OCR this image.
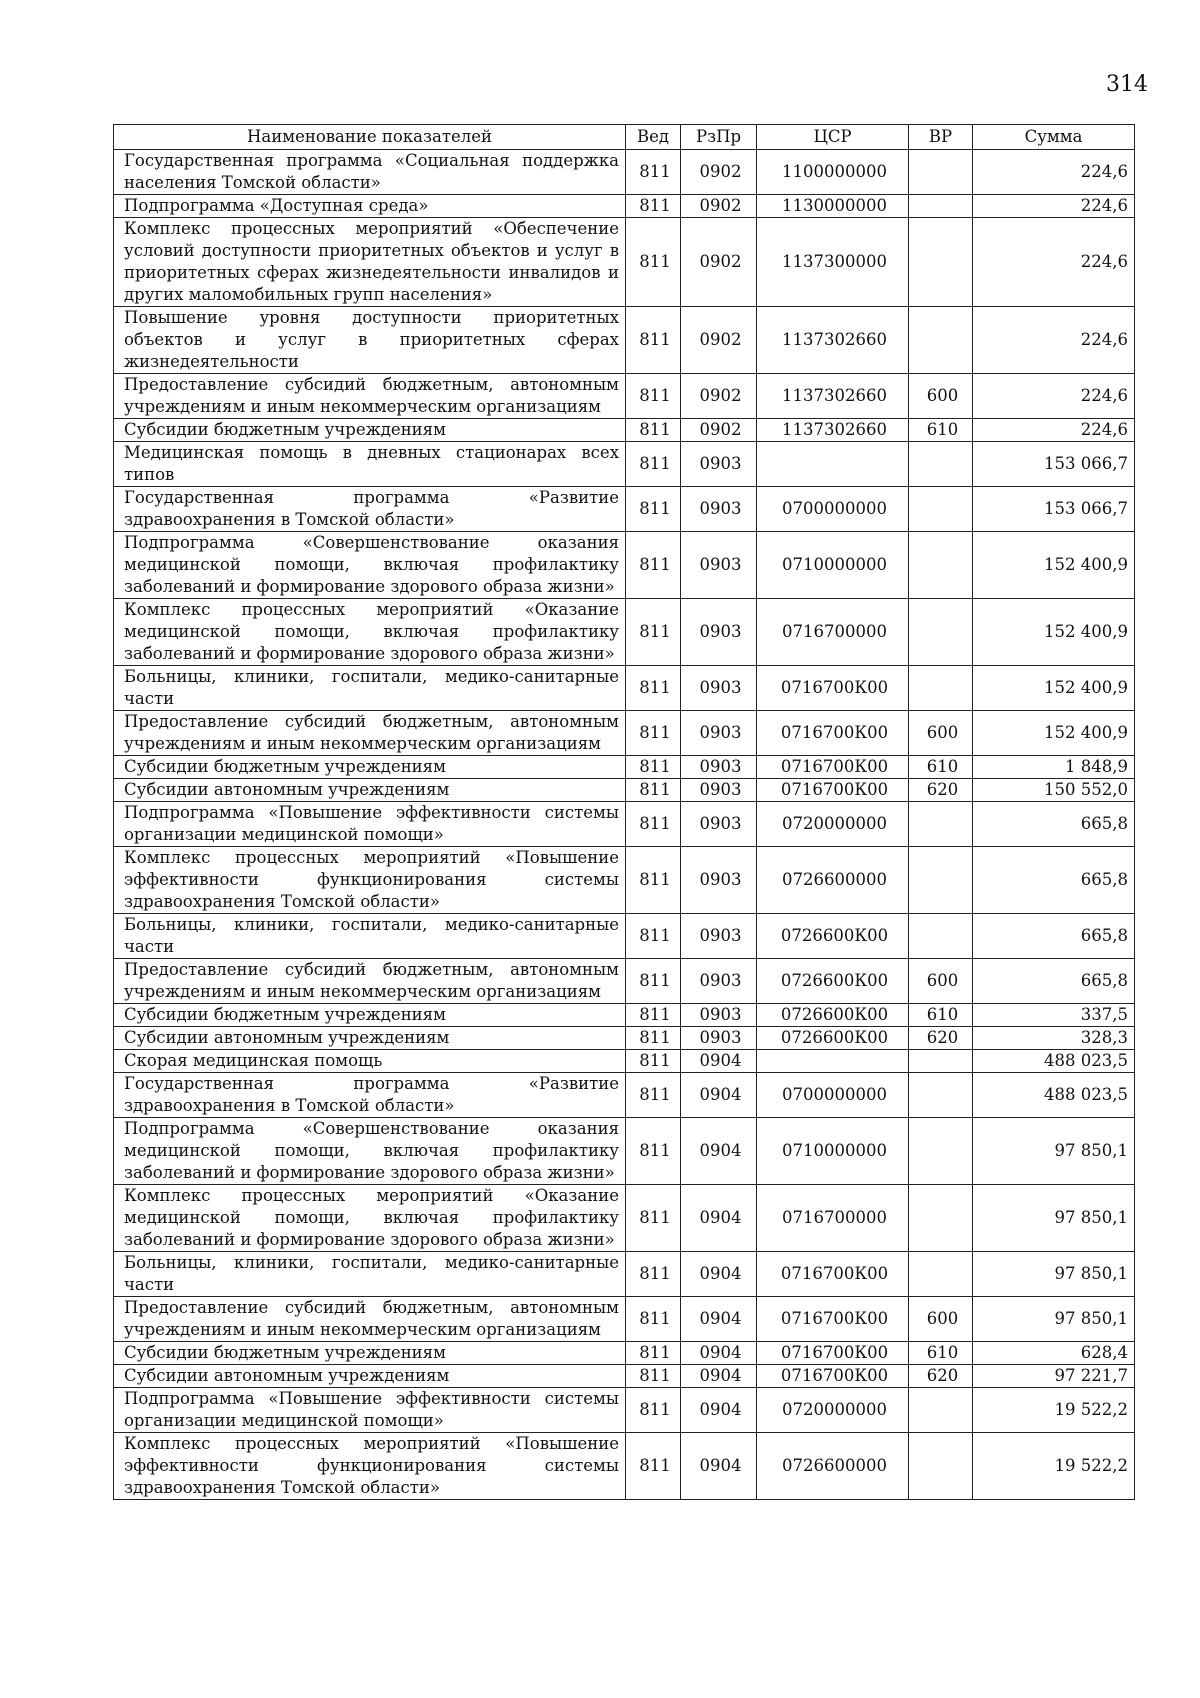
314
Наименование показателей	Вед	РзПр	ЦСР	ВР	Сумма
Государственная программа «Социальная поддержка населения Томской области»	811	0902	1100000000		224,6
Подпрограмма «Доступная среда»	811	0902	1130000000		224,6
Комплекс процессных мероприятий «Обеспечение условий доступности приоритетных объектов и услуг в приоритетных сферах жизнедеятельности инвалидов и других маломобильных групп населения»	811	0902	1137300000		224,6
Повышение уровня доступности приоритетных объектов и услуг в приоритетных сферах жизнедеятельности	811	0902	1137302660		224,6
Предоставление субсидий бюджетным, автономным учреждениям и иным некоммерческим организациям	811	0902	1137302660	600	224,6
Субсидии бюджетным учреждениям	811	0902	1137302660	610	224,6
Медицинская помощь в дневных стационарах всех типов	811	0903			153 066,7
Государственная программа «Развитие здравоохранения в Томской области»	811	0903	0700000000		153 066,7
Подпрограмма «Совершенствование оказания медицинской помощи, включая профилактику заболеваний и формирование здорового образа жизни»	811	0903	0710000000		152 400,9
Комплекс процессных мероприятий «Оказание медицинской помощи, включая профилактику заболеваний и формирование здорового образа жизни»	811	0903	0716700000		152 400,9
Больницы, клиники, госпитали, медико-санитарные части	811	0903	0716700К00		152 400,9
Предоставление субсидий бюджетным, автономным учреждениям и иным некоммерческим организациям	811	0903	0716700К00	600	152 400,9
Субсидии бюджетным учреждениям	811	0903	0716700К00	610	1 848,9
Субсидии автономным учреждениям	811	0903	0716700К00	620	150 552,0
Подпрограмма «Повышение эффективности системы организации медицинской помощи»	811	0903	0720000000		665,8
Комплекс процессных мероприятий «Повышение эффективности функционирования системы здравоохранения Томской области»	811	0903	0726600000		665,8
Больницы, клиники, госпитали, медико-санитарные части	811	0903	0726600К00		665,8
Предоставление субсидий бюджетным, автономным учреждениям и иным некоммерческим организациям	811	0903	0726600К00	600	665,8
Субсидии бюджетным учреждениям	811	0903	0726600К00	610	337,5
Субсидии автономным учреждениям	811	0903	0726600К00	620	328,3
Скорая медицинская помощь	811	0904			488 023,5
Государственная программа «Развитие здравоохранения в Томской области»	811	0904	0700000000		488 023,5
Подпрограмма «Совершенствование оказания медицинской помощи, включая профилактику заболеваний и формирование здорового образа жизни»	811	0904	0710000000		97 850,1
Комплекс процессных мероприятий «Оказание медицинской помощи, включая профилактику заболеваний и формирование здорового образа жизни»	811	0904	0716700000		97 850,1
Больницы, клиники, госпитали, медико-санитарные части	811	0904	0716700К00		97 850,1
Предоставление субсидий бюджетным, автономным учреждениям и иным некоммерческим организациям	811	0904	0716700К00	600	97 850,1
Субсидии бюджетным учреждениям	811	0904	0716700К00	610	628,4
Субсидии автономным учреждениям	811	0904	0716700К00	620	97 221,7
Подпрограмма «Повышение эффективности системы организации медицинской помощи»	811	0904	0720000000		19 522,2
Комплекс процессных мероприятий «Повышение эффективности функционирования системы здравоохранения Томской области»	811	0904	0726600000		19 522,2
